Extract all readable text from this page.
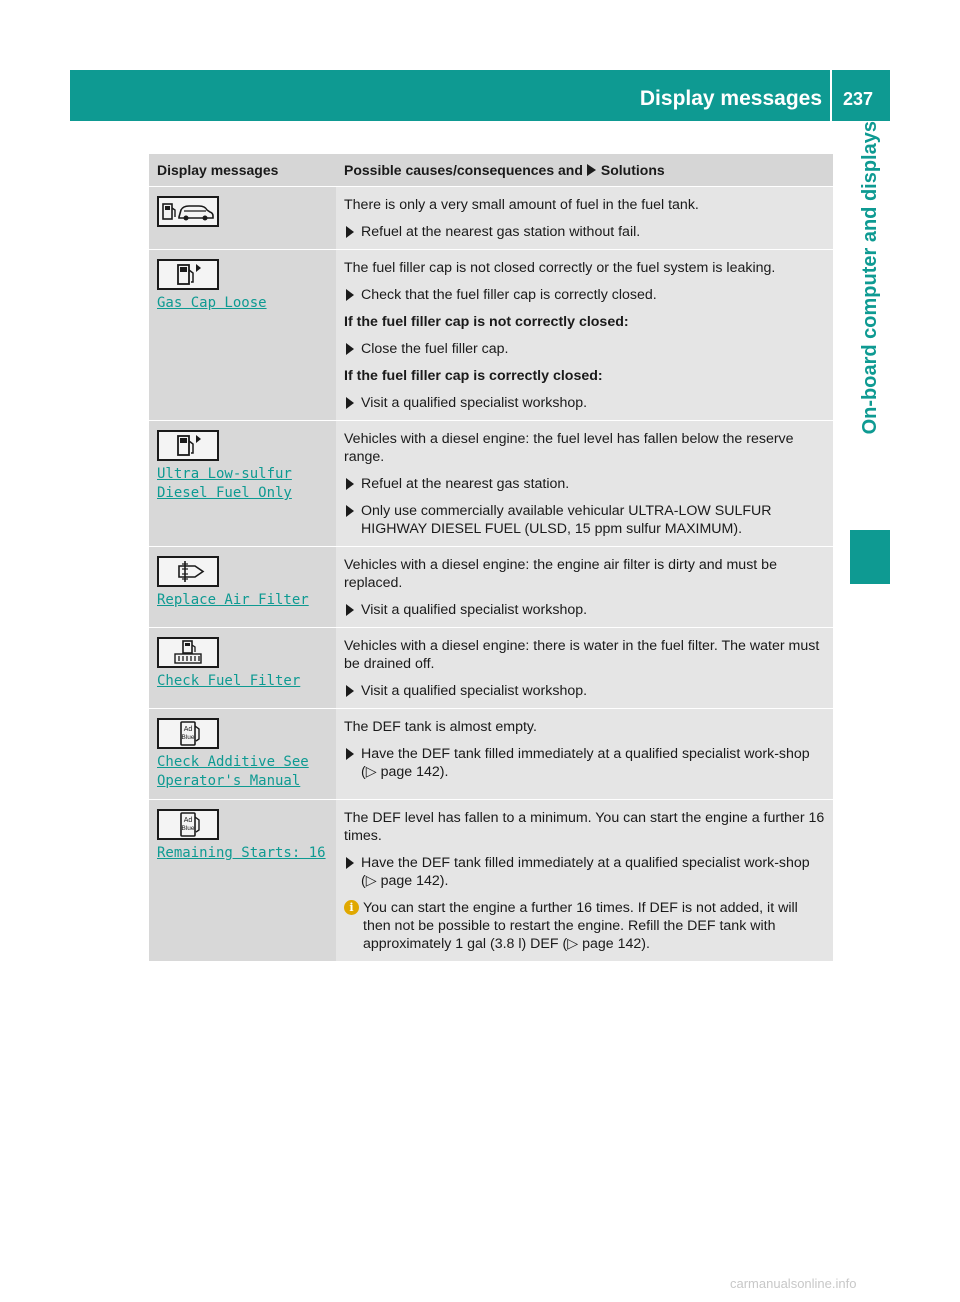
Display messages	237
On-board computer and displays
Display messages	Possible causes/consequences and Solutions
There is only a very small amount of fuel in the fuel tank.
Refuel at the nearest gas station without fail.
Gas Cap Loose
The fuel filler cap is not closed correctly or the fuel system is leaking.
Check that the fuel filler cap is correctly closed.
If the fuel filler cap is not correctly closed:
Close the fuel filler cap.
If the fuel filler cap is correctly closed:
Visit a qualified specialist workshop.
Ultra Low-sulfur
Diesel Fuel Only
Vehicles with a diesel engine: the fuel level has fallen below the reserve range.
Refuel at the nearest gas station.
Only use commercially available vehicular ULTRA-LOW SULFUR HIGHWAY DIESEL FUEL (ULSD, 15 ppm sulfur MAXIMUM).
Replace Air Filter
Vehicles with a diesel engine: the engine air filter is dirty and must be replaced.
Visit a qualified specialist workshop.
Check Fuel Filter
Vehicles with a diesel engine: there is water in the fuel filter. The water must be drained off.
Visit a qualified specialist workshop.
Ad
Blue
Check Additive See
Operator's Manual
The DEF tank is almost empty.
Have the DEF tank filled immediately at a qualified specialist work-shop (▷ page 142).
Ad
Blue
Remaining Starts: 16
The DEF level has fallen to a minimum. You can start the engine a further 16 times.
Have the DEF tank filled immediately at a qualified specialist work-shop (▷ page 142).
i You can start the engine a further 16 times. If DEF is not added, it will then not be possible to restart the engine. Refill the DEF tank with approximately 1 gal (3.8 l) DEF (▷ page 142).
carmanualsonline.info
